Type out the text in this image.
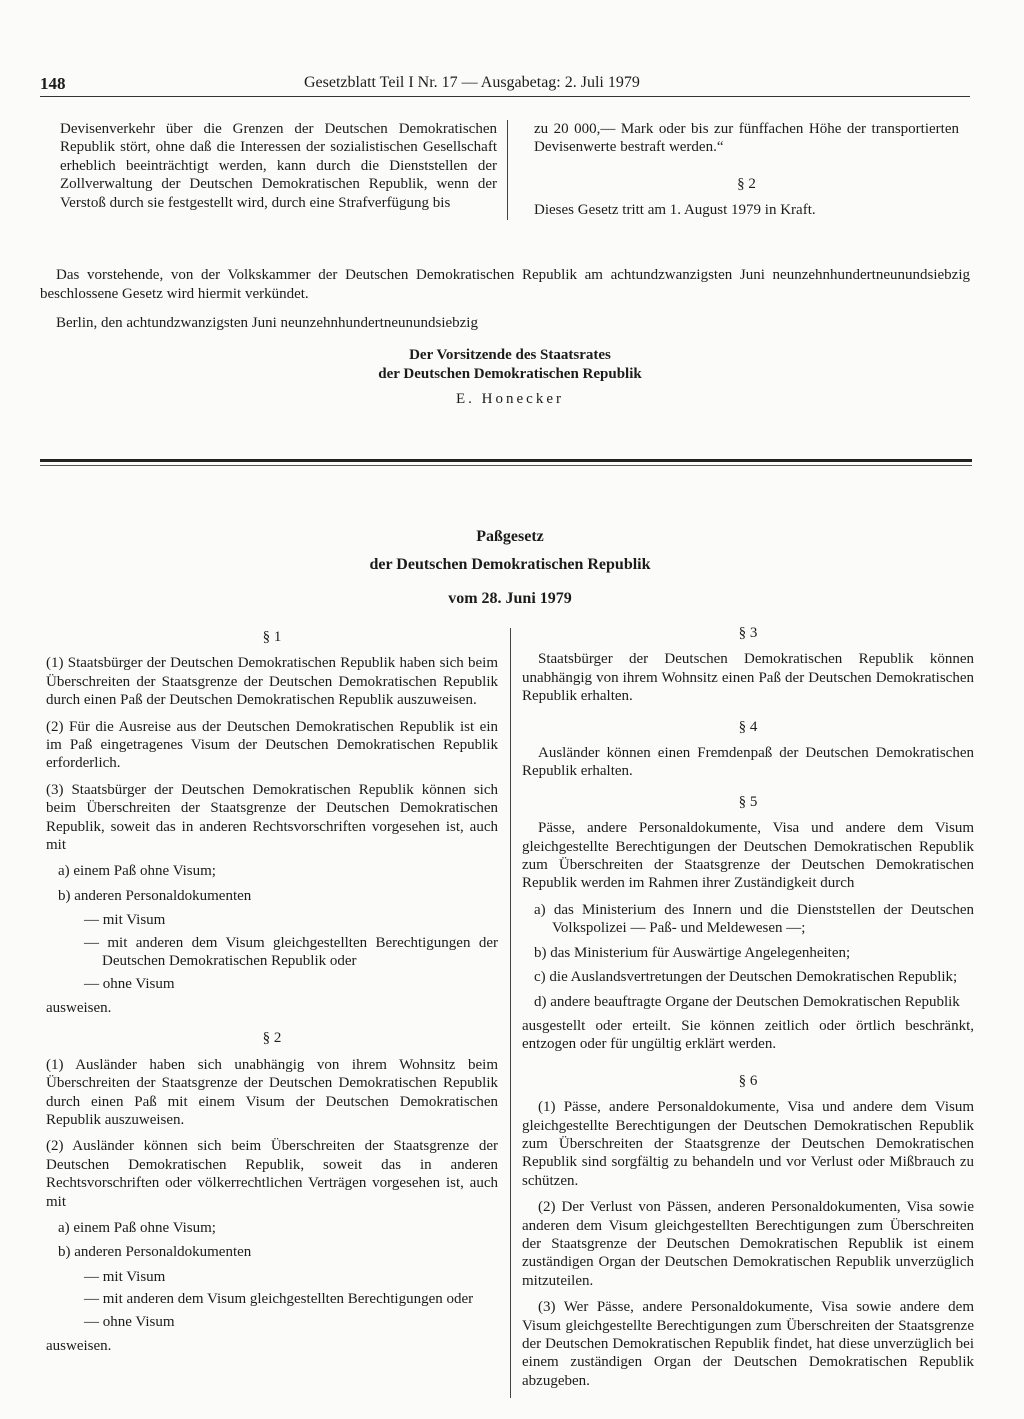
148	Gesetzblatt Teil I Nr. 17 — Ausgabetag: 2. Juli 1979

Devisenverkehr über die Grenzen der Deutschen Demokratischen Republik stört, ohne daß die Interessen der sozialistischen Gesellschaft erheblich beeinträchtigt werden, kann durch die Dienststellen der Zollverwaltung der Deutschen Demokratischen Republik, wenn der Verstoß durch sie festgestellt wird, durch eine Strafverfügung bis

zu 20 000,— Mark oder bis zur fünffachen Höhe der transportierten Devisenwerte bestraft werden.“

§ 2

Dieses Gesetz tritt am 1. August 1979 in Kraft.

Das vorstehende, von der Volkskammer der Deutschen Demokratischen Republik am achtundzwanzigsten Juni neunzehnhundertneunundsiebzig beschlossene Gesetz wird hiermit verkündet.
Berlin, den achtundzwanzigsten Juni neunzehnhundertneunundsiebzig
Der Vorsitzende des Staatsrates
der Deutschen Demokratischen Republik
E. Honecker
Paßgesetz
der Deutschen Demokratischen Republik
vom 28. Juni 1979

§ 1

(1) Staatsbürger der Deutschen Demokratischen Republik haben sich beim Überschreiten der Staatsgrenze der Deutschen Demokratischen Republik durch einen Paß der Deutschen Demokratischen Republik auszuweisen.

(2) Für die Ausreise aus der Deutschen Demokratischen Republik ist ein im Paß eingetragenes Visum der Deutschen Demokratischen Republik erforderlich.

(3) Staatsbürger der Deutschen Demokratischen Republik können sich beim Überschreiten der Staatsgrenze der Deutschen Demokratischen Republik, soweit das in anderen Rechtsvorschriften vorgesehen ist, auch mit

a) einem Paß ohne Visum;
b) anderen Personaldokumenten
— mit Visum
— mit anderen dem Visum gleichgestellten Berechtigungen der Deutschen Demokratischen Republik oder
— ohne Visum

ausweisen.

§ 2

(1) Ausländer haben sich unabhängig von ihrem Wohnsitz beim Überschreiten der Staatsgrenze der Deutschen Demokratischen Republik durch einen Paß mit einem Visum der Deutschen Demokratischen Republik auszuweisen.

(2) Ausländer können sich beim Überschreiten der Staatsgrenze der Deutschen Demokratischen Republik, soweit das in anderen Rechtsvorschriften oder völkerrechtlichen Verträgen vorgesehen ist, auch mit

a) einem Paß ohne Visum;
b) anderen Personaldokumenten
— mit Visum
— mit anderen dem Visum gleichgestellten Berechtigungen oder
— ohne Visum

ausweisen.

§ 3

Staatsbürger der Deutschen Demokratischen Republik können unabhängig von ihrem Wohnsitz einen Paß der Deutschen Demokratischen Republik erhalten.

§ 4

Ausländer können einen Fremdenpaß der Deutschen Demokratischen Republik erhalten.

§ 5

Pässe, andere Personaldokumente, Visa und andere dem Visum gleichgestellte Berechtigungen der Deutschen Demokratischen Republik zum Überschreiten der Staatsgrenze der Deutschen Demokratischen Republik werden im Rahmen ihrer Zuständigkeit durch

a) das Ministerium des Innern und die Dienststellen der Deutschen Volkspolizei — Paß- und Meldewesen —;
b) das Ministerium für Auswärtige Angelegenheiten;
c) die Auslandsvertretungen der Deutschen Demokratischen Republik;
d) andere beauftragte Organe der Deutschen Demokratischen Republik

ausgestellt oder erteilt. Sie können zeitlich oder örtlich beschränkt, entzogen oder für ungültig erklärt werden.

§ 6

(1) Pässe, andere Personaldokumente, Visa und andere dem Visum gleichgestellte Berechtigungen der Deutschen Demokratischen Republik zum Überschreiten der Staatsgrenze der Deutschen Demokratischen Republik sind sorgfältig zu behandeln und vor Verlust oder Mißbrauch zu schützen.

(2) Der Verlust von Pässen, anderen Personaldokumenten, Visa sowie anderen dem Visum gleichgestellten Berechtigungen zum Überschreiten der Staatsgrenze der Deutschen Demokratischen Republik ist einem zuständigen Organ der Deutschen Demokratischen Republik unverzüglich mitzuteilen.

(3) Wer Pässe, andere Personaldokumente, Visa sowie andere dem Visum gleichgestellte Berechtigungen zum Überschreiten der Staatsgrenze der Deutschen Demokratischen Republik findet, hat diese unverzüglich bei einem zuständigen Organ der Deutschen Demokratischen Republik abzugeben.
